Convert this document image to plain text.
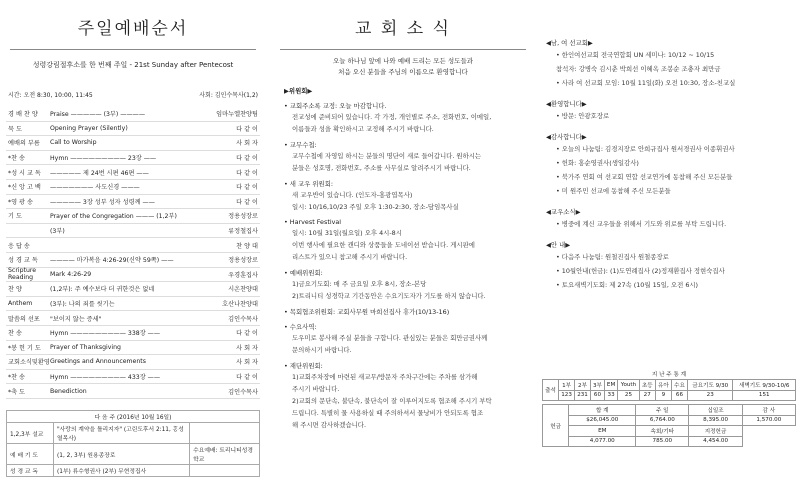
주일예배순서
성령강림절후소를 한 번째 주일 - 21st Sunday after Pentecost
시간: 오전 8:30, 10:00, 11:45	사회: 김인수목사(1,2)
경 배 찬 양	Praise ————— (3부) ————	임마누엘찬양팀
묵 도	Opening Prayer (Silently)	다 같 이
예배의 부름	Call to Worship	사 회 자
*찬 송	Hymn ————————— 23장 ——	다 같 이
*성 시 교 독	————— 제 24번 시편 46편 ——	다 같 이
*신 앙 고 백	——————— 사도신경 ———	다 같 이
*영 광 송	————— 3장 성부 성자 성령께 ——	다 같 이
기 도	Prayer of the Congregation ——— (1,2부)	정용성장로
(3부)	류정철집사
응 답 송	찬 양 대
성 경 교 독	———— 마가복음 4:26-29(신약 59쪽) ——	정용성장로
Scripture Reading	Mark 4:26-29	우경훈집사
찬 양	(1,2부): 주 예수보다 더 귀한것은 없네	시온찬양대
Anthem	(3부): 나의 죄를 씻기는	호산나찬양대
말씀의 선포	"보이지 않는 증세"	김인수목사
찬 송	Hymn ————————— 338장 ——	다 같 이
*봉 헌 기 도	Prayer of Thanksgiving	사 회 자
교회소식및환영 Greetings and Announcements	사 회 자
*찬 송	Hymn ————————— 433장 ——	다 같 이
*축 도	Benediction	김인수목사
다 음 주 (2016년 10월 16일)
1,2,3부 설교	"사랑의 계약을 틀리지자" (고린도후서 2:11, 홍성열목사)	
예 배 기 도	(1, 2, 3부) 원용종장로	수요예배: 트리니티성경학교
성 경 교 독	(1부) 류수형권사 (2부) 무현정집사	
교 회 소 식
오늘 하나님 앞에 나와 예배 드리는 모든 성도들과
처음 오신 분들을 주님의 이름으로 환영합니다
▶위원회▶
• 교회주소록 교정: 오늘 마감합니다.

전교성에 준비되어 있습니다. 각 가정, 개인별로 주소, 전화번호, 이메일,

이름들과 성을 확인하시고 교정해 주시기 바랍니다.

• 교무수첩:

교무수첩에 자영입 하시는 분들의 명단이 새로 들어갑니다. 원하시는

분들은 성호명, 전화번호, 주소를 사무실로 알려주시기 바랍니다.

• 새 교우 위원회:

새 교우반이 있습니다. (인도자-홍광엽목사)

일시: 10/16,10/23 주일 오후 1:30-2:30, 장소-담임목사실

• Harvest Festival

일시: 10월 31일(월요일) 오후 4시-8시

이번 행사에 필요한 캔디와 상품들을 도네이션 받습니다. 게시판에

리스트가 있으니 참고해 주시기 바랍니다.

• 예배위원회:

1)금요기도회: 매 주 금요일 오후 8시, 장소-본당

2)트리니티 성경학교 기간동안은 수요기도자가 기도를 하지 않습니다.

• 목회협조위원회: 교회사무원 마희선집사 휴가(10/13-16)
• 수요사역:

도우미로 봉사해 주실 분들을 구합니다. 관심있는 분들은 회만금권사께

문의하시기 바랍니다.

• 재단위원회:

1)교회주차장에 마련된 새교무/방문자 주차구간에는 주차를 삼가해

주시기 바랍니다.

2)교회의 문단속, 불단속, 불단속이 잘 이루어지도록 협조해 주시기 부탁

드립니다. 특별히 물 사용하실 때 주의하셔서 물낭비가 안되도록 협조

해 주시면 감사하겠습니다.

◀남, 여 선교회▶
• 한인여선교회 전국연합회 UN 세미나: 10/12 ~ 10/15
참석자: 강병숙 김시춘 박희선 이혜옥 조봉순 조충자 최만금
• 사라 여 선교회 모임: 10월 11일(화) 오전 10:30, 장소-친교실
◀환영합니다▶
• 방문: 안광호장로
◀감사합니다▶
• 오늘의 나눔팀: 김경지장로 안희규집사 원서경권사 이종휘권사
• 헌화: 홍순영권사(생일감사)
• 북가주 연회 여 선교회 연합 선교연가에 동참해 주신 모든분들
• 미 원주민 선교에 동참해 주신 모든분들
◀교우소식▶
• 병중에 계신 교우들을 위해서 기도와 위로를 부탁 드립니다.
◀안 내▶
• 다음주 나눔팀: 원철진집사 원철종장로
• 10월안내(헌금): (1)도연례집사 (2)정재환집사 정현숙집사
• 토요새벽기도회: 제 27속 (10월 15일, 오전 6시)
지 난 주 통 계
출석	1부	2부	3부	EM	Youth	초등	유아	수요	금요기도 9/30	새벽기도 9/30-10/6
	123	231	60	33	25	27	9	66	23	151
헌금	합 계	주 일	십일조	감 사
	$26,045.00	6,764.00	8,395.00	1,570.00
	EM	속회/기타	지정헌금	
	4,077.00	785.00	4,454.00	
